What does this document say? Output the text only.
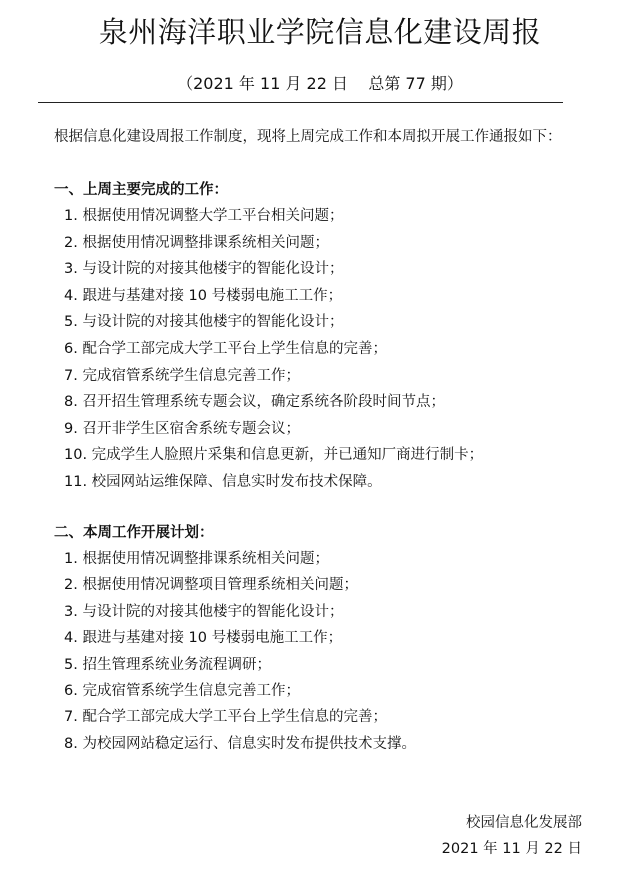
泉州海洋职业学院信息化建设周报
（2021 年 11 月 22 日    总第 77 期）
根据信息化建设周报工作制度，现将上周完成工作和本周拟开展工作通报如下：
一、上周主要完成的工作：
1. 根据使用情况调整大学工平台相关问题；
2. 根据使用情况调整排课系统相关问题；
3. 与设计院的对接其他楼宇的智能化设计；
4. 跟进与基建对接 10 号楼弱电施工工作；
5. 与设计院的对接其他楼宇的智能化设计；
6. 配合学工部完成大学工平台上学生信息的完善；
7. 完成宿管系统学生信息完善工作；
8. 召开招生管理系统专题会议，确定系统各阶段时间节点；
9. 召开非学生区宿舍系统专题会议；
10. 完成学生人脸照片采集和信息更新，并已通知厂商进行制卡；
11. 校园网站运维保障、信息实时发布技术保障。
二、本周工作开展计划：
1. 根据使用情况调整排课系统相关问题；
2. 根据使用情况调整项目管理系统相关问题；
3. 与设计院的对接其他楼宇的智能化设计；
4. 跟进与基建对接 10 号楼弱电施工工作；
5. 招生管理系统业务流程调研；
6. 完成宿管系统学生信息完善工作；
7. 配合学工部完成大学工平台上学生信息的完善；
8. 为校园网站稳定运行、信息实时发布提供技术支撑。
校园信息化发展部
2021 年 11 月 22 日
